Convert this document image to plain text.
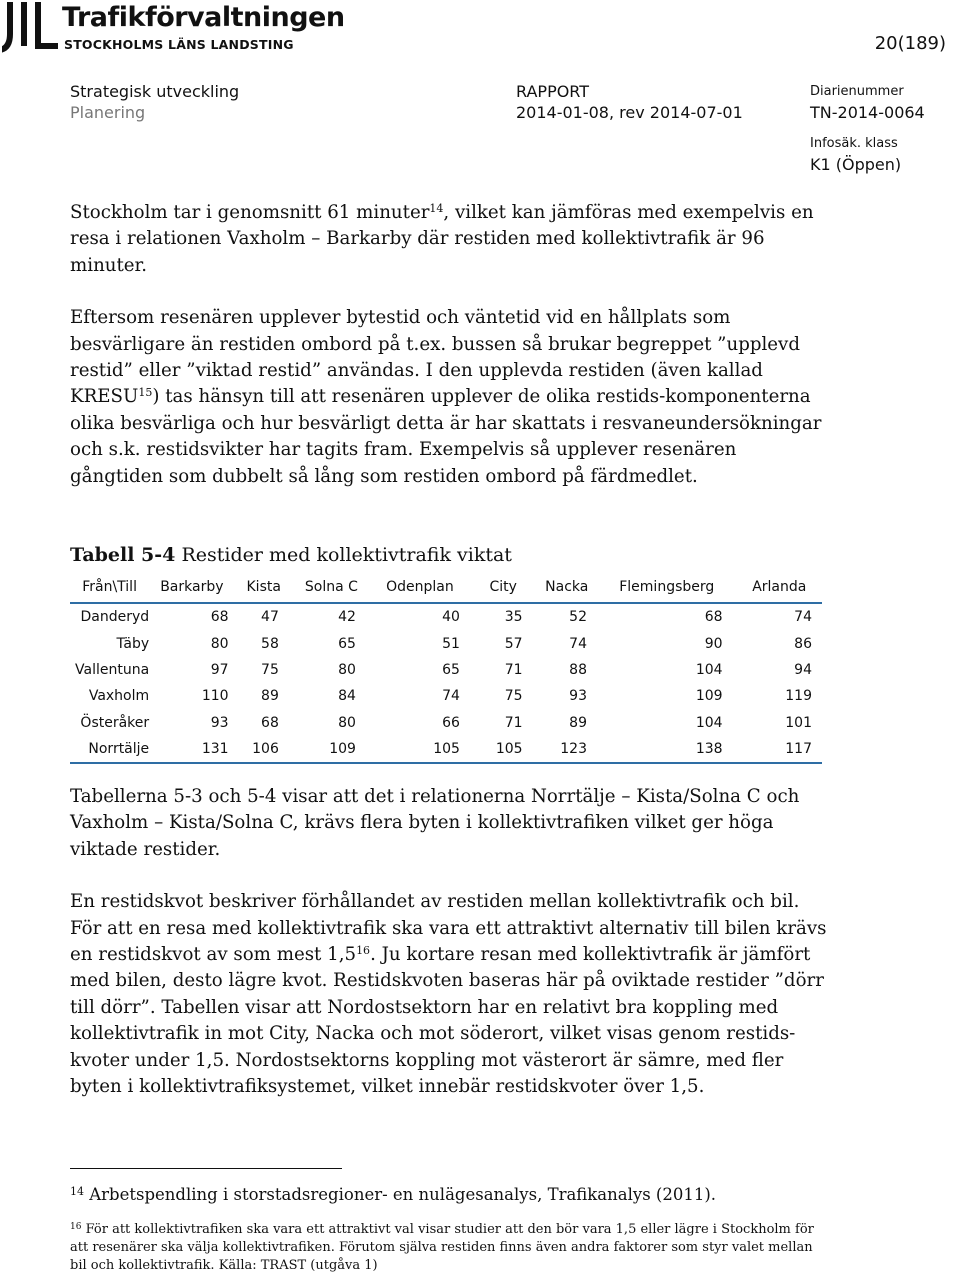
Trafikförvaltningen
STOCKHOLMS LÄNS LANDSTING	20(189)
Strategisk utveckling
Planering
RAPPORT
2014-01-08, rev 2014-07-01
Diarienummer
TN-2014-0064
Infosäk. klass
K1 (Öppen)

Stockholm tar i genomsnitt 61 minuter$^{14}$, vilket kan jämföras med exempelvis en resa i relationen Vaxholm – Barkarby där restiden med kollektivtrafik är 96 minuter.

Eftersom resenären upplever bytestid och väntetid vid en hållplats som besvärligare än restiden ombord på t.ex. bussen så brukar begreppet ”upplevd restid” eller ”viktad restid” användas. I den upplevda restiden (även kallad KRESU$^{15}$) tas hänsyn till att resenären upplever de olika restids-komponenterna olika besvärliga och hur besvärligt detta är har skattats i resvaneundersökningar och s.k. restidsvikter har tagits fram. Exempelvis så upplever resenären gångtiden som dubbelt så lång som restiden ombord på färdmedlet.

Tabell 5-4 Restider med kollektivtrafik viktat
Från\Till	Barkarby	Kista	Solna C	Odenplan	City	Nacka	Flemingsberg	Arlanda
Danderyd	68	47	42	40	35	52	68	74
Täby	80	58	65	51	57	74	90	86
Vallentuna	97	75	80	65	71	88	104	94
Vaxholm	110	89	84	74	75	93	109	119
Österåker	93	68	80	66	71	89	104	101
Norrtälje	131	106	109	105	105	123	138	117

Tabellerna 5-3 och 5-4 visar att det i relationerna Norrtälje – Kista/Solna C och Vaxholm – Kista/Solna C, krävs flera byten i kollektivtrafiken vilket ger höga viktade restider.

En restidskvot beskriver förhållandet av restiden mellan kollektivtrafik och bil. För att en resa med kollektivtrafik ska vara ett attraktivt alternativ till bilen krävs en restidskvot av som mest $1,5^{16}$. Ju kortare resan med kollektivtrafik är jämfört med bilen, desto lägre kvot. Restidskvoten baseras här på oviktade restider ”dörr till dörr”. Tabellen visar att Nordostsektorn har en relativt bra koppling med kollektivtrafik in mot City, Nacka och mot söderort, vilket visas genom restids- kvoter under 1,5. Nordostsektorns koppling mot västerort är sämre, med fler byten i kollektivtrafiksystemet, vilket innebär restidskvoter över 1,5.

$^{14}$ Arbetspendling i storstadsregioner- en nulägesanalys, Trafikanalys (2011).
$^{16}$ För att kollektivtrafiken ska vara ett attraktivt val visar studier att den bör vara 1,5 eller lägre i Stockholm för att resenärer ska välja kollektivtrafiken. Förutom själva restiden finns även andra faktorer som styr valet mellan bil och kollektivtrafik. Källa: TRAST (utgåva 1)
